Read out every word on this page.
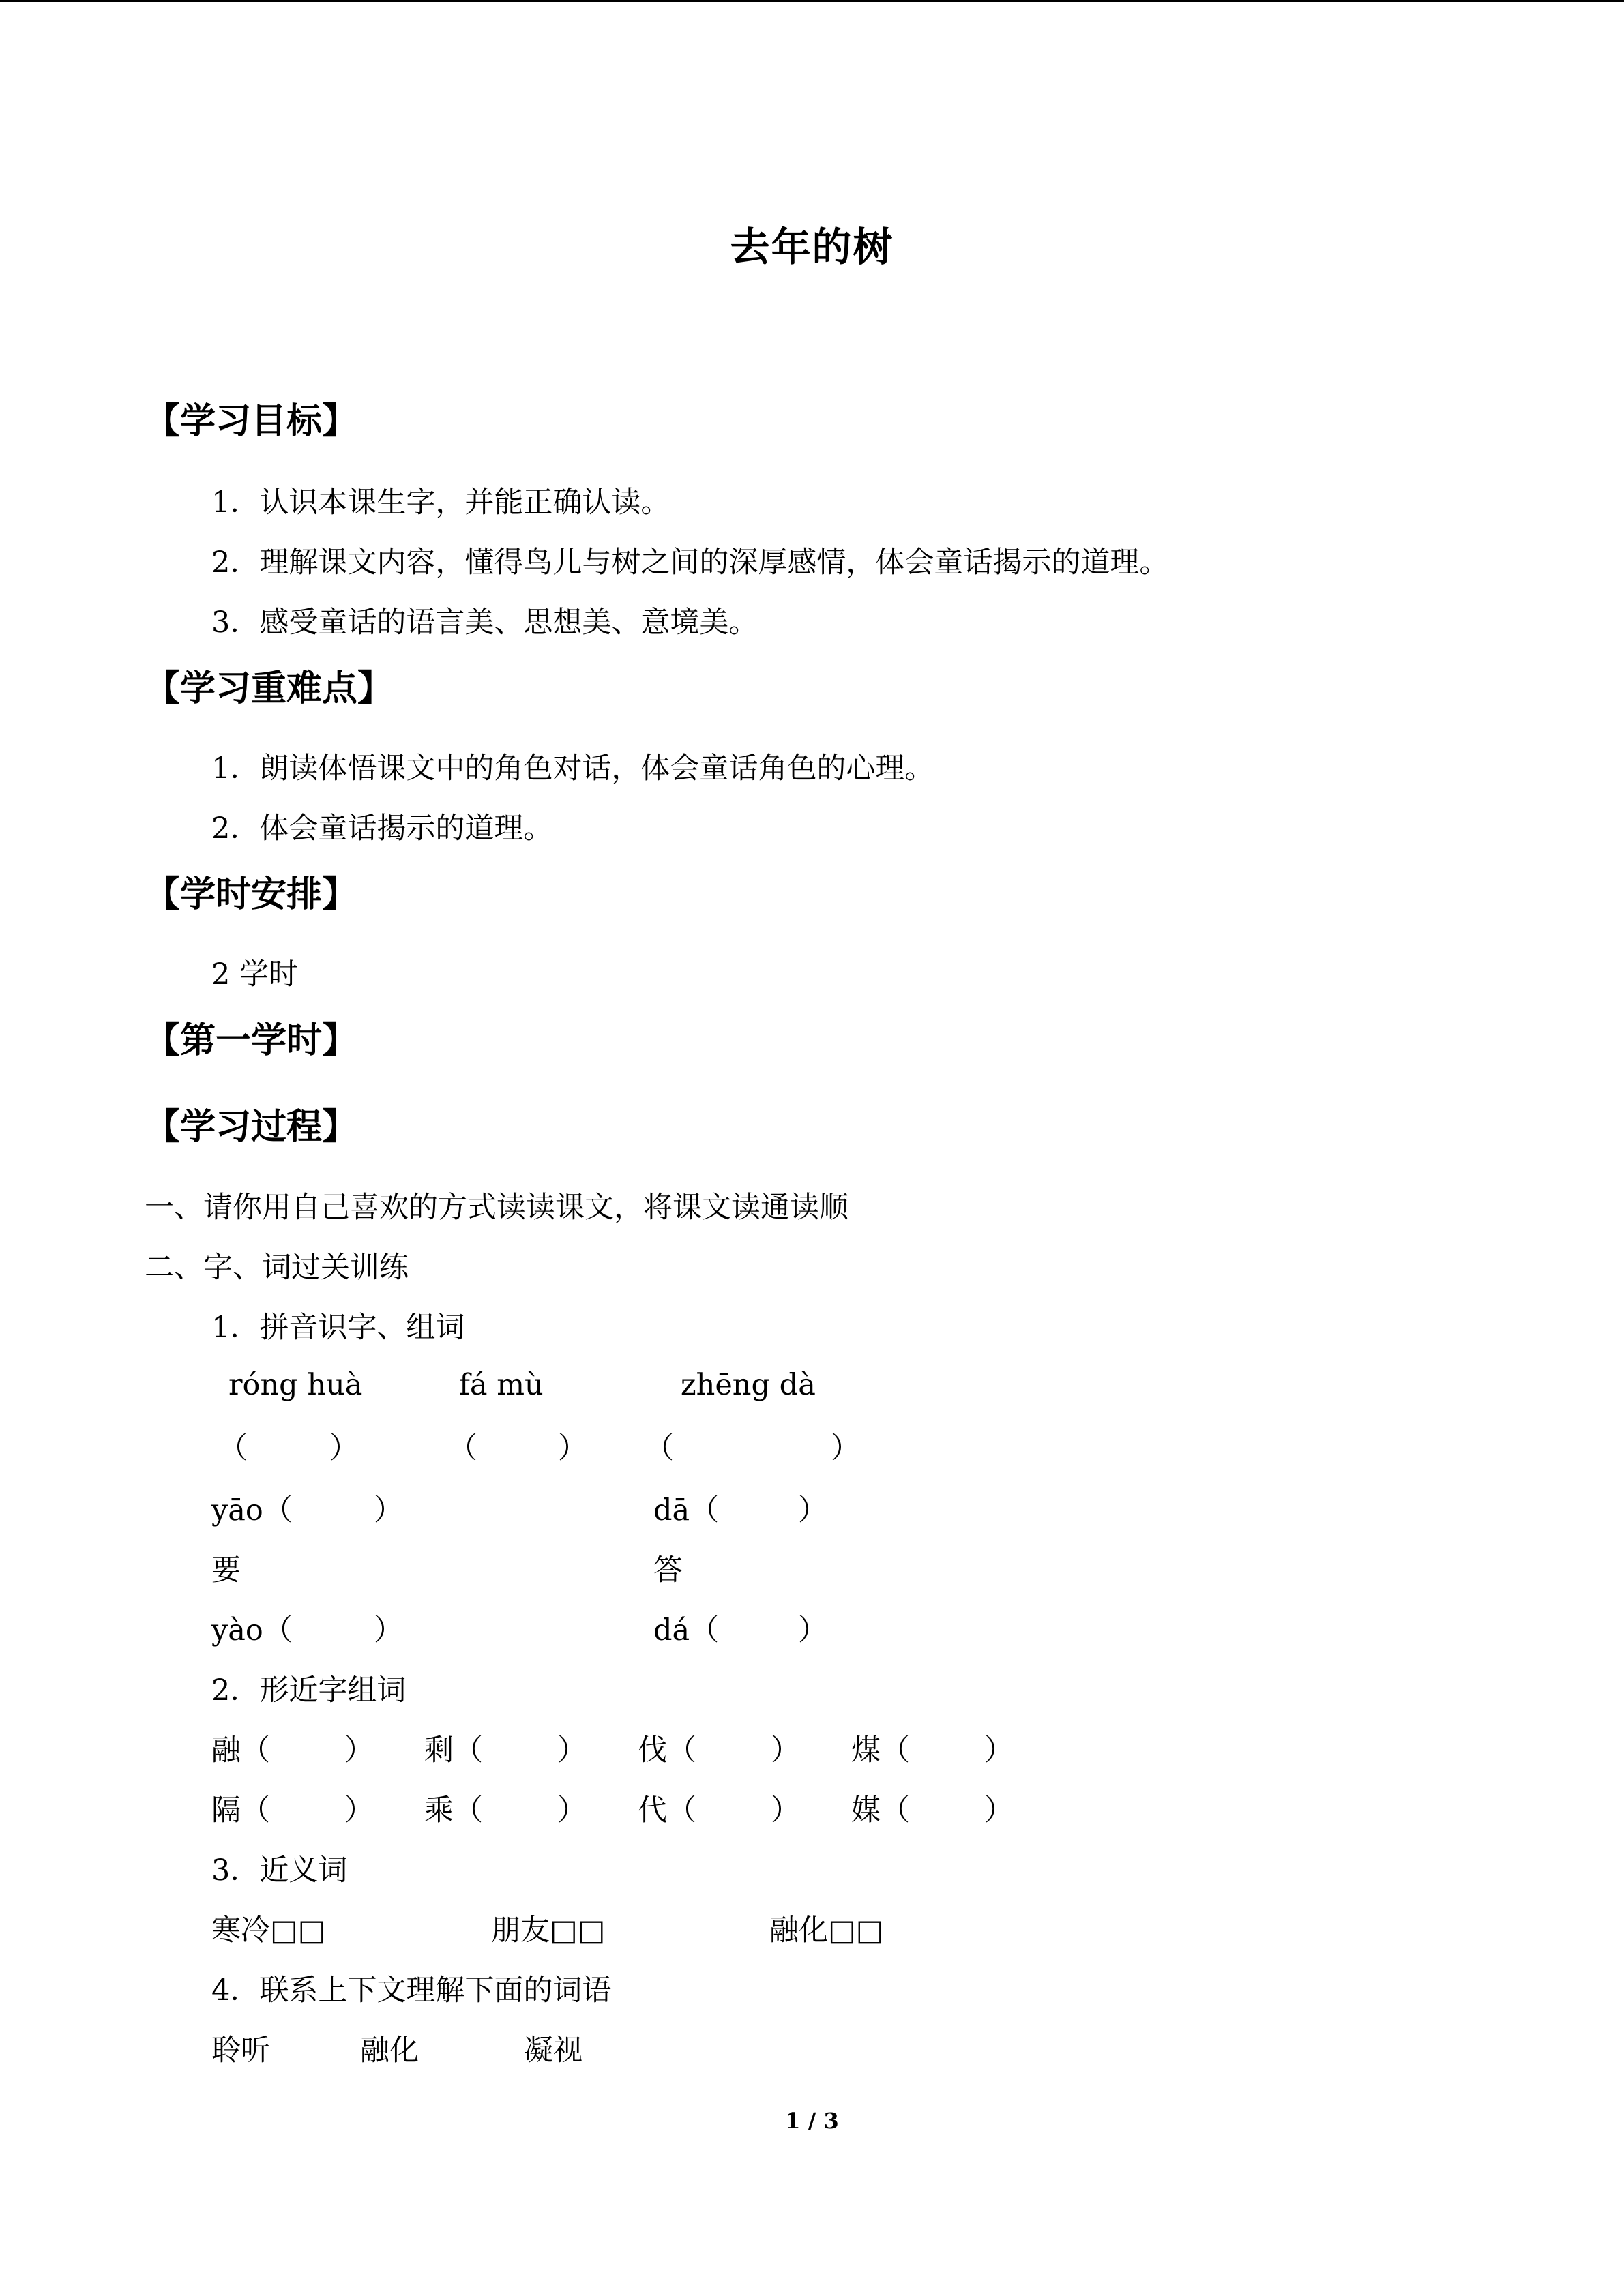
去年的树
【学习目标】
1．认识本课生字，并能正确认读。
2．理解课文内容，懂得鸟儿与树之间的深厚感情，体会童话揭示的道理。
3．感受童话的语言美、思想美、意境美。
【学习重难点】
1．朗读体悟课文中的角色对话，体会童话角色的心理。
2．体会童话揭示的道理。
【学时安排】
2 学时
【第一学时】
【学习过程】
一、请你用自己喜欢的方式读读课文，将课文读通读顺
二、字、词过关训练
1．拼音识字、组词
róng huà	fá mù	zhēng dà
（	）	（	） （	）
yāo（	）	dā（	）
要	答
yào（	）	dá（	）
2．形近字组词
融（	） 剩（	） 伐（	） 煤（	）
隔（	） 乘（	） 代（	） 媒（	）
3．近义词
寒冷□□	朋友□□	融化□□
4．联系上下文理解下面的词语
聆听	融化	凝视
1 / 3
